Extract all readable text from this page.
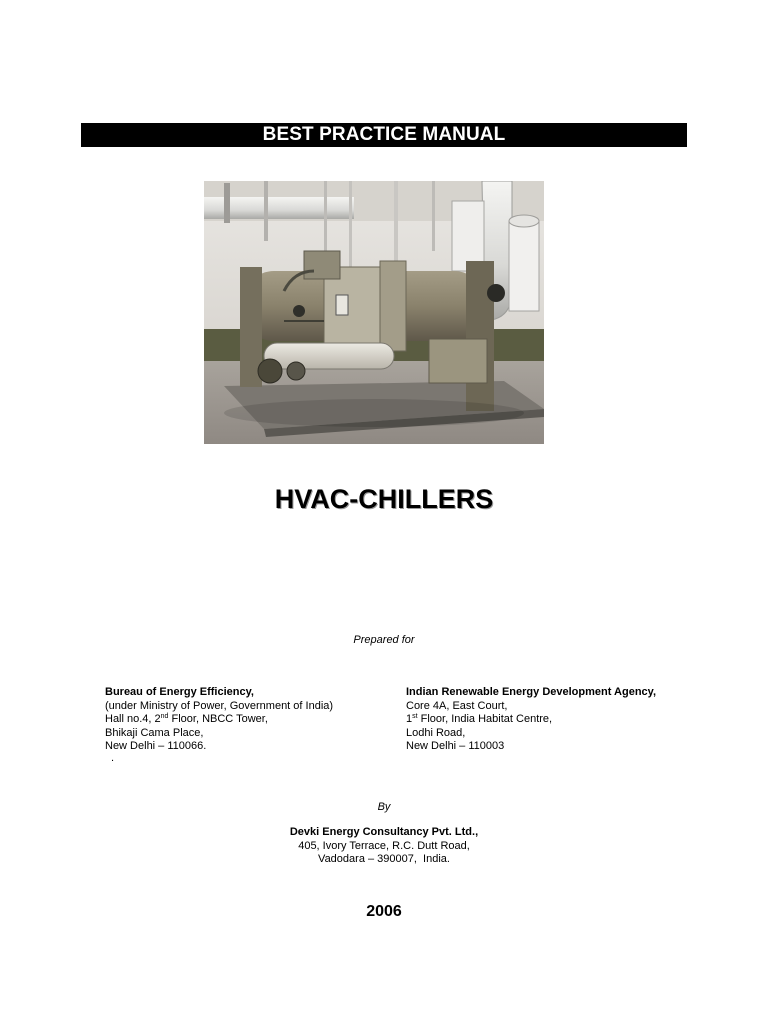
BEST PRACTICE MANUAL
HVAC-CHILLERS
Prepared for
Bureau of Energy Efficiency,
(under Ministry of Power, Government of India)
Hall no.4, 2nd Floor, NBCC Tower,
Bhikaji Cama Place,
New Delhi – 110066.
.
Indian Renewable Energy Development Agency,
Core 4A, East Court,
1st Floor, India Habitat Centre,
Lodhi Road,
New Delhi – 110003
By
Devki Energy Consultancy Pvt. Ltd.,
405, Ivory Terrace, R.C. Dutt Road,
Vadodara – 390007,  India.
2006
